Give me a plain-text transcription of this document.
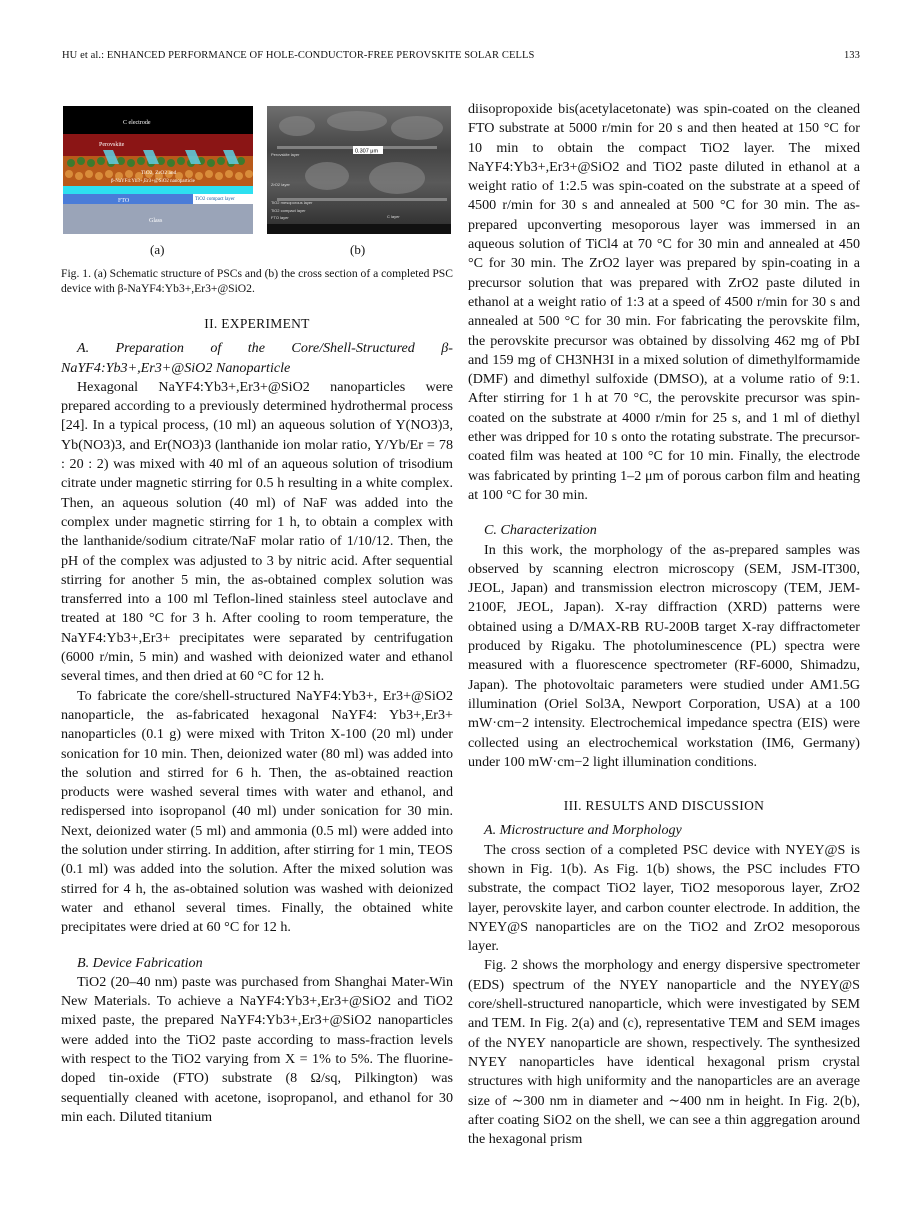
HU et al.: ENHANCED PERFORMANCE OF HOLE-CONDUCTOR-FREE PEROVSKITE SOLAR CELLS	133
C electrode
Perovskite
TiO2, ZrO2 and
β-NaYF4:Yb3+,Er3+@SiO2 nanoparticle
TiO2 compact layer
FTO
Glass
0.307 μm
Perovskite layer
ZrO2 layer
TiO2 mesoporous layer
TiO2 compact layer
FTO layer	C layer
(a)	(b)
Fig. 1. (a) Schematic structure of PSCs and (b) the cross section of a completed PSC device with β-NaYF4:Yb3+,Er3+@SiO2.
II. EXPERIMENT

A. Preparation of the Core/Shell-Structured β-NaYF4:Yb3+,Er3+@SiO2 Nanoparticle

Hexagonal NaYF4:Yb3+,Er3+@SiO2 nanoparticles were prepared according to a previously determined hydrothermal process [24]. In a typical process, (10 ml) an aqueous solution of Y(NO3)3, Yb(NO3)3, and Er(NO3)3 (lanthanide ion molar ratio, Y/Yb/Er = 78 : 20 : 2) was mixed with 40 ml of an aqueous solution of trisodium citrate under magnetic stirring for 0.5 h resulting in a white complex. Then, an aqueous solution (40 ml) of NaF was added into the complex under magnetic stirring for 1 h, to obtain a complex with the lanthanide/sodium citrate/NaF molar ratio of 1/10/12. Then, the pH of the complex was adjusted to 3 by nitric acid. After sequential stirring for another 5 min, the as-obtained complex solution was transferred into a 100 ml Teflon-lined stainless steel autoclave and treated at 180 °C for 3 h. After cooling to room temperature, the NaYF4:Yb3+,Er3+ precipitates were separated by centrifugation (6000 r/min, 5 min) and washed with deionized water and ethanol several times, and then dried at 60 °C for 12 h.

To fabricate the core/shell-structured NaYF4:Yb3+, Er3+@SiO2 nanoparticle, the as-fabricated hexagonal NaYF4: Yb3+,Er3+ nanoparticles (0.1 g) were mixed with Triton X-100 (20 ml) under sonication for 10 min. Then, deionized water (80 ml) was added into the solution and stirred for 6 h. Then, the as-obtained reaction products were washed several times with water and ethanol, and redispersed into isopropanol (40 ml) under sonication for 30 min. Next, deionized water (5 ml) and ammonia (0.5 ml) were added into the solution under stirring. In addition, after stirring for 1 min, TEOS (0.1 ml) was added into the solution. After the mixed solution was stirred for 4 h, the as-obtained solution was washed with deionized water and ethanol several times. Finally, the obtained white precipitates were dried at 60 °C for 12 h.

B. Device Fabrication

TiO2 (20–40 nm) paste was purchased from Shanghai Mater-Win New Materials. To achieve a NaYF4:Yb3+,Er3+@SiO2 and TiO2 mixed paste, the prepared NaYF4:Yb3+,Er3+@SiO2 nanoparticles were added into the TiO2 paste according to mass-fraction levels with respect to the TiO2 varying from X = 1% to 5%. The fluorine-doped tin-oxide (FTO) substrate (8 Ω/sq, Pilkington) was sequentially cleaned with acetone, isopropanol, and ethanol for 30 min each. Diluted titanium

diisopropoxide bis(acetylacetonate) was spin-coated on the cleaned FTO substrate at 5000 r/min for 20 s and then heated at 150 °C for 10 min to obtain the compact TiO2 layer. The mixed NaYF4:Yb3+,Er3+@SiO2 and TiO2 paste diluted in ethanol at a weight ratio of 1:2.5 was spin-coated on the substrate at a speed of 4500 r/min for 30 s and annealed at 500 °C for 30 min. The as-prepared upconverting mesoporous layer was immersed in an aqueous solution of TiCl4 at 70 °C for 30 min and annealed at 450 °C for 30 min. The ZrO2 layer was prepared by spin-coating in a precursor solution that was prepared with ZrO2 paste diluted in ethanol at a weight ratio of 1:3 at a speed of 4500 r/min for 30 s and annealed at 500 °C for 30 min. For fabricating the perovskite film, the perovskite precursor was obtained by dissolving 462 mg of PbI and 159 mg of CH3NH3I in a mixed solution of dimethylformamide (DMF) and dimethyl sulfoxide (DMSO), at a volume ratio of 9:1. After stirring for 1 h at 70 °C, the perovskite precursor was spin-coated on the substrate at 4000 r/min for 25 s, and 1 ml of diethyl ether was dripped for 10 s onto the rotating substrate. The precursor-coated film was heated at 100 °C for 10 min. Finally, the electrode was fabricated by printing 1–2 μm of porous carbon film and heating at 100 °C for 30 min.

C. Characterization

In this work, the morphology of the as-prepared samples was observed by scanning electron microscopy (SEM, JSM-IT300, JEOL, Japan) and transmission electron microscopy (TEM, JEM-2100F, JEOL, Japan). X-ray diffraction (XRD) patterns were obtained using a D/MAX-RB RU-200B target X-ray diffractometer produced by Rigaku. The photoluminescence (PL) spectra were measured with a fluorescence spectrometer (RF-6000, Shimadzu, Japan). The photovoltaic parameters were studied under AM1.5G illumination (Oriel Sol3A, Newport Corporation, USA) at a 100 mW·cm−2 intensity. Electrochemical impedance spectra (EIS) were collected using an electrochemical workstation (IM6, Germany) under 100 mW·cm−2 light illumination conditions.

III. RESULTS AND DISCUSSION

A. Microstructure and Morphology

The cross section of a completed PSC device with NYEY@S is shown in Fig. 1(b). As Fig. 1(b) shows, the PSC includes FTO substrate, the compact TiO2 layer, TiO2 mesoporous layer, ZrO2 layer, perovskite layer, and carbon counter electrode. In addition, the NYEY@S nanoparticles are on the TiO2 and ZrO2 mesoporous layer.

Fig. 2 shows the morphology and energy dispersive spectrometer (EDS) spectrum of the NYEY nanoparticle and the NYEY@S core/shell-structured nanoparticle, which were investigated by SEM and TEM. In Fig. 2(a) and (c), representative TEM and SEM images of the NYEY nanoparticle are shown, respectively. The synthesized NYEY nanoparticles have identical hexagonal prism crystal structures with high uniformity and the nanoparticles are an average size of ∼300 nm in diameter and ∼400 nm in height. In Fig. 2(b), after coating SiO2 on the shell, we can see a thin aggregation around the hexagonal prism
